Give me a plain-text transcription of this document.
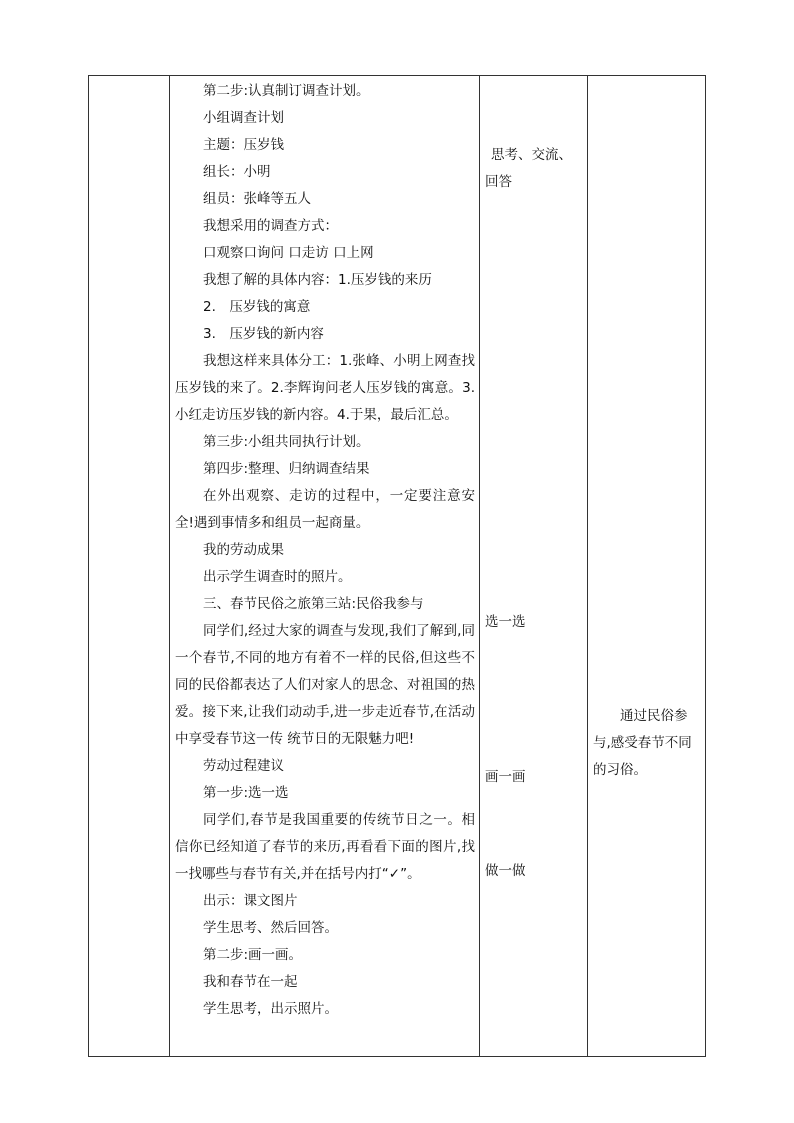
第二步:认真制订调查计划。

小组调查计划

主题：压岁钱

组长：小明

组员：张峰等五人

我想采用的调查方式：

口观察口询问 口走访 口上网

我想了解的具体内容：1.压岁钱的来历

2.　压岁钱的寓意

3.　压岁钱的新内容

我想这样来具体分工：1.张峰、小明上网查找压岁钱的来了。2.李辉询问老人压岁钱的寓意。3.小红走访压岁钱的新内容。4.于果，最后汇总。

第三步:小组共同执行计划。

第四步:整理、归纳调查结果

在外出观察、走访的过程中，一定要注意安全!遇到事情多和组员一起商量。

我的劳动成果

出示学生调查时的照片。

三、春节民俗之旅第三站:民俗我参与

同学们,经过大家的调查与发现,我们了解到,同一个春节,不同的地方有着不一样的民俗,但这些不同的民俗都表达了人们对家人的思念、对祖国的热爱。接下来,让我们动动手,进一步走近春节,在活动中享受春节这一传 统节日的无限魅力吧!

劳动过程建议

第一步:选一选

同学们,春节是我国重要的传统节日之一。相信你已经知道了春节的来历,再看看下面的图片,找一找哪些与春节有关,并在括号内打“✓”。

出示：课文图片

学生思考、然后回答。

第二步:画一画。

我和春节在一起

学生思考，出示照片。

思考、交流、回答

选一选

画一画

做一做

通过民俗参与,感受春节不同的习俗。
